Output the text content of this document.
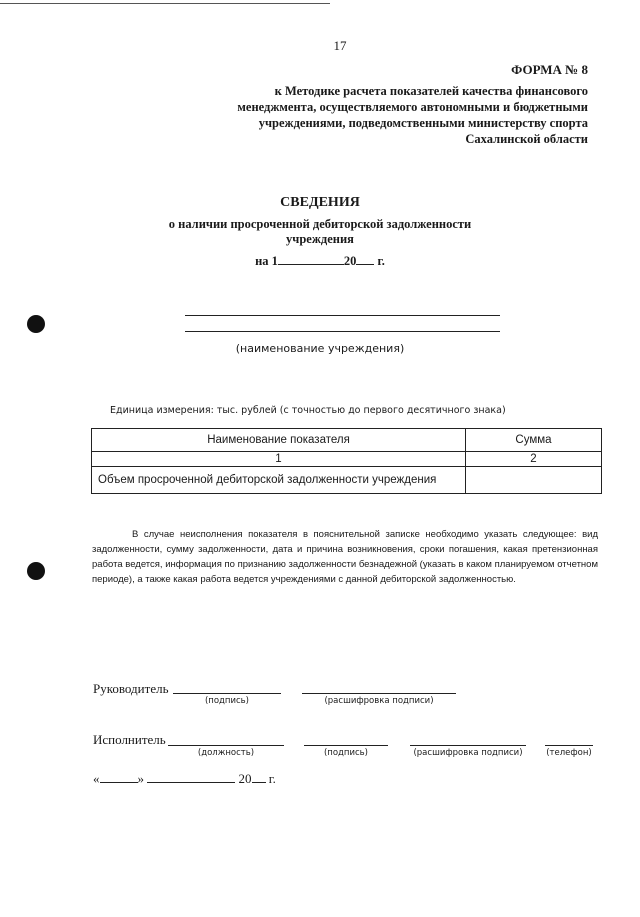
17
ФОРМА № 8
к Методике расчета показателей качества финансового
менеджмента, осуществляемого автономными и бюджетными
учреждениями, подведомственными министерству спорта
Сахалинской области
СВЕДЕНИЯ
о наличии просроченной дебиторской задолженности
учреждения
на 1	20 г.
(наименование учреждения)
Единица измерения: тыс. рублей (с точностью до первого десятичного знака)
Наименование показателя	Сумма
1	2
Объем просроченной дебиторской задолженности учреждения	
В случае неисполнения показателя в пояснительной записке необходимо указать следующее: вид задолженности, сумму задолженности, дата и причина возникновения, сроки погашения, какая претензионная работа ведется, информация по признанию задолженности безнадежной (указать в каком планируемом отчетном периоде), а также какая работа ведется учреждениями с данной дебиторской задолженностью.
Руководитель
(подпись)	(расшифровка подписи)
Исполнитель
(должность)	(подпись)	(расшифровка подписи)	(телефон)
«	»	20 г.
